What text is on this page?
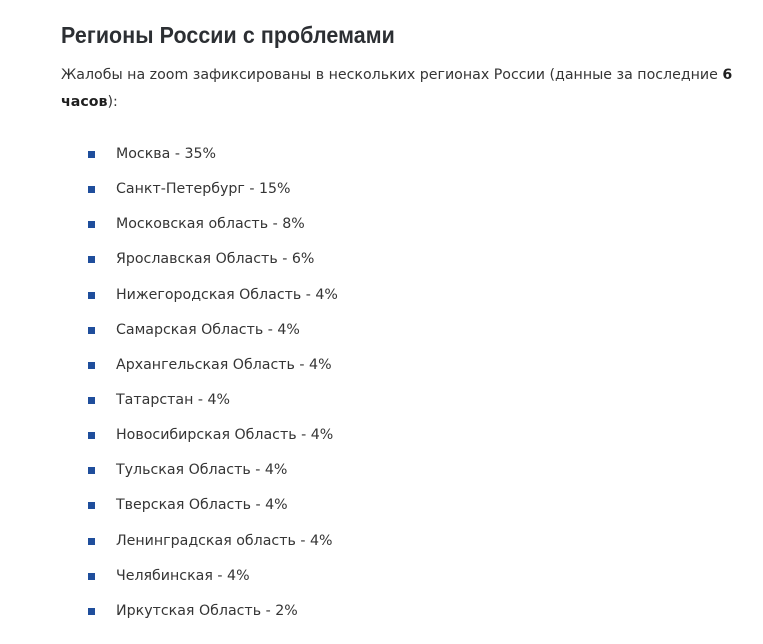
Регионы России с проблемами

Жалобы на zoom зафиксированы в нескольких регионах России (данные за последние 6 часов):

Москва - 35%
Санкт-Петербург - 15%
Московская область - 8%
Ярославская Область - 6%
Нижегородская Область - 4%
Самарская Область - 4%
Архангельская Область - 4%
Татарстан - 4%
Новосибирская Область - 4%
Тульская Область - 4%
Тверская Область - 4%
Ленинградская область - 4%
Челябинская - 4%
Иркутская Область - 2%
